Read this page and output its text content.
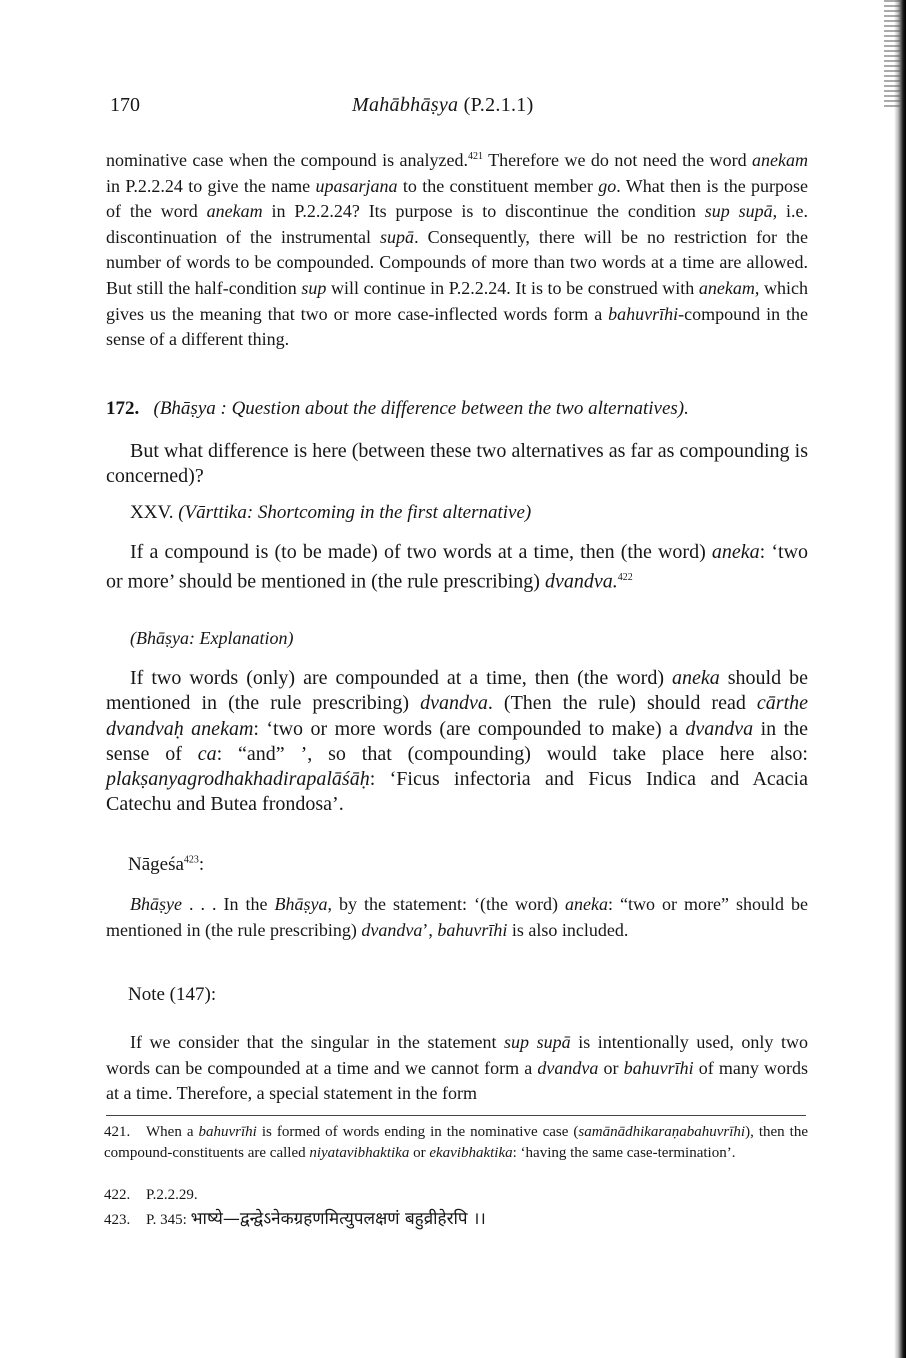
170	Mahābhāṣya (P.2.1.1)

nominative case when the compound is analyzed.$^{421}$ Therefore we do not need the word anekam in P.2.2.24 to give the name upasarjana to the constituent member go. What then is the purpose of the word anekam in P.2.2.24? Its purpose is to discontinue the condition sup supā, i.e. discontinuation of the instrumental supā. Consequently, there will be no restriction for the number of words to be compounded. Compounds of more than two words at a time are allowed. But still the half-condition sup will continue in P.2.2.24. It is to be construed with anekam, which gives us the meaning that two or more case-inflected words form a bahuvrīhi-compound in the sense of a different thing.

172. (Bhāṣya : Question about the difference between the two alternatives).

But what difference is here (between these two alternatives as far as compounding is concerned)?

XXV. (Vārttika: Shortcoming in the first alternative)

If a compound is (to be made) of two words at a time, then (the word) aneka: ‘two or more’ should be mentioned in (the rule prescribing) dvandva.$^{422}$

(Bhāṣya: Explanation)

If two words (only) are compounded at a time, then (the word) aneka should be mentioned in (the rule prescribing) dvandva. (Then the rule) should read cārthe dvandvaḥ anekam: ‘two or more words (are compounded to make) a dvandva in the sense of ca: “and” ’, so that (compounding) would take place here also: plakṣanyagrodhakhadirapalāśāḥ: ‘Ficus infectoria and Ficus Indica and Acacia Catechu and Butea frondosa’.

Nāgeśa$^{423}$:

Bhāṣye . . . In the Bhāṣya, by the statement: ‘(the word) aneka: “two or more” should be mentioned in (the rule prescribing) dvandva’, bahuvrīhi is also included.

Note (147):

If we consider that the singular in the statement sup supā is intentionally used, only two words can be compounded at a time and we cannot form a dvandva or bahuvrīhi of many words at a time. Therefore, a special statement in the form

421. When a bahuvrīhi is formed of words ending in the nominative case (samānādhikaraṇabahuvrīhi), then the compound-constituents are called niyatavibhaktika or ekavibhaktika: ‘having the same case-termination’.

422. P.2.2.29.

423. P. 345: भाष्ये—द्वन्द्वेऽनेकग्रहणमित्युपलक्षणं बहुव्रीहेरपि ।।
